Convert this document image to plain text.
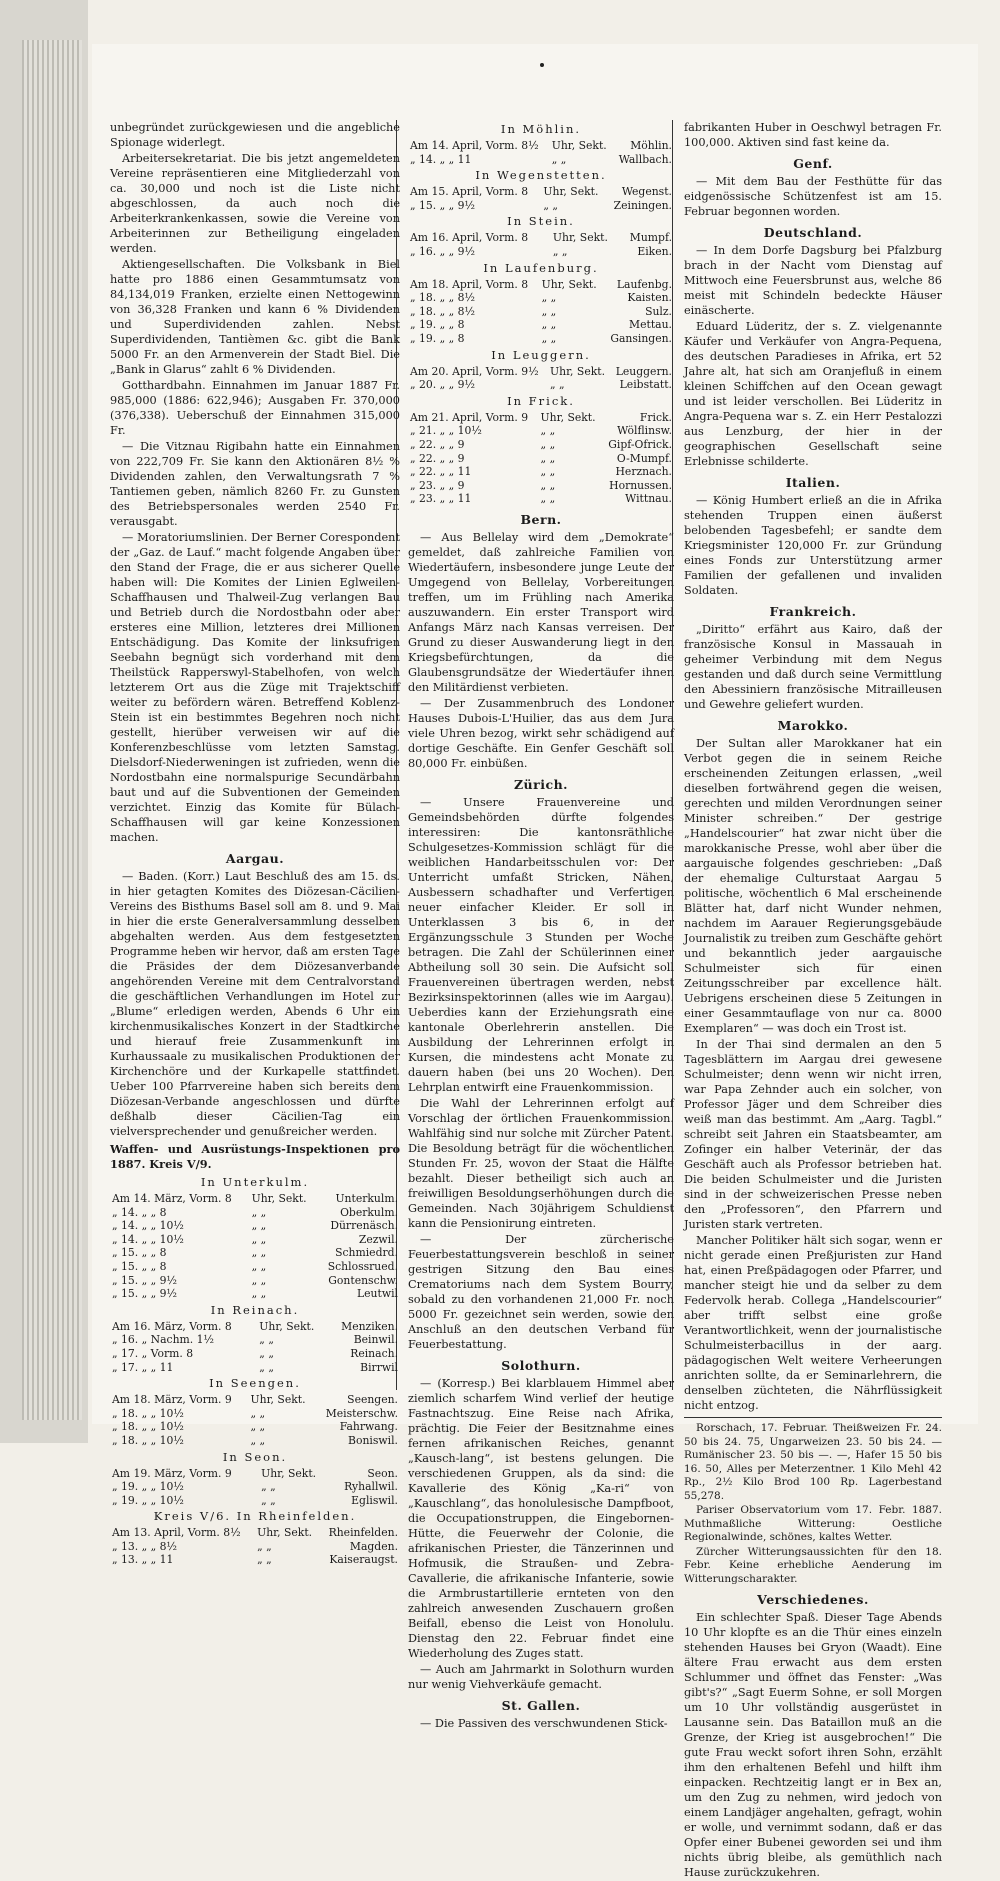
unbegründet zurückgewiesen und die angebliche Spionage widerlegt.

Arbeitersekretariat. Die bis jetzt angemeldeten Vereine repräsentieren eine Mitgliederzahl von ca. 30,000 und noch ist die Liste nicht abgeschlossen, da auch noch die Arbeiterkrankenkassen, sowie die Vereine von Arbeiterinnen zur Betheiligung eingeladen werden.

Aktiengesellschaften. Die Volksbank in Biel hatte pro 1886 einen Gesammtumsatz von 84,134,019 Franken, erzielte einen Nettogewinn von 36,328 Franken und kann 6 % Dividenden und Superdividenden zahlen. Nebst Superdividenden, Tantièmen &c. gibt die Bank 5000 Fr. an den Armenverein der Stadt Biel. Die „Bank in Glarus“ zahlt 6 % Dividenden.

Gotthardbahn. Einnahmen im Januar 1887 Fr. 985,000 (1886: 622,946); Ausgaben Fr. 370,000 (376,338). Ueberschuß der Einnahmen 315,000 Fr.

— Die Vitznau Rigibahn hatte ein Einnahmen von 222,709 Fr. Sie kann den Aktionären 8½ % Dividenden zahlen, den Verwaltungsrath 7 % Tantiemen geben, nämlich 8260 Fr. zu Gunsten des Betriebspersonales werden 2540 Fr. verausgabt.

— Moratoriumslinien. Der Berner Corespondent der „Gaz. de Lauf.“ macht folgende Angaben über den Stand der Frage, die er aus sicherer Quelle haben will: Die Komites der Linien Eglweilen-Schaffhausen und Thalweil-Zug verlangen Bau und Betrieb durch die Nordostbahn oder aber ersteres eine Million, letzteres drei Millionen Entschädigung. Das Komite der linksufrigen Seebahn begnügt sich vorderhand mit dem Theilstück Rapperswyl-Stabelhofen, von welch letzterem Ort aus die Züge mit Trajektschiff weiter zu befördern wären. Betreffend Koblenz-Stein ist ein bestimmtes Begehren noch nicht gestellt, hierüber verweisen wir auf die Konferenzbeschlüsse vom letzten Samstag. Dielsdorf-Niederweningen ist zufrieden, wenn die Nordostbahn eine normalspurige Secundärbahn baut und auf die Subventionen der Gemeinden verzichtet. Einzig das Komite für Bülach-Schaffhausen will gar keine Konzessionen machen.

Aargau.

— Baden. (Korr.) Laut Beschluß des am 15. ds. in hier getagten Komites des Diözesan-Cäcilien-Vereins des Bisthums Basel soll am 8. und 9. Mai in hier die erste Generalversammlung desselben abgehalten werden. Aus dem festgesetzten Programme heben wir hervor, daß am ersten Tage die Präsides der dem Diözesanverbande angehörenden Vereine mit dem Centralvorstand die geschäftlichen Verhandlungen im Hotel zur „Blume“ erledigen werden, Abends 6 Uhr ein kirchenmusikalisches Konzert in der Stadtkirche und hierauf freie Zusammenkunft im Kurhaussaale zu musikalischen Produktionen der Kirchenchöre und der Kurkapelle stattfindet. Ueber 100 Pfarrvereine haben sich bereits dem Diözesan-Verbande angeschlossen und dürfte deßhalb dieser Cäcilien-Tag ein vielversprechender und genußreicher werden.

Waffen- und Ausrüstungs-Inspektionen pro 1887. Kreis V/9.
In Unterkulm.
Am 14. März, Vorm. 8	Uhr, Sekt.	Unterkulm.
„ 14. „ „ 8	„ „	Oberkulm.
„ 14. „ „ 10½	„ „	Dürrenäsch.
„ 14. „ „ 10½	„ „	Zezwil.
„ 15. „ „ 8	„ „	Schmiedrd.
„ 15. „ „ 8	„ „	Schlossrued.
„ 15. „ „ 9½	„ „	Gontenschw.
„ 15. „ „ 9½	„ „	Leutwil
In Reinach.
Am 16. März, Vorm. 8	Uhr, Sekt.	Menziken.
„ 16. „ Nachm. 1½	„ „	Beinwil.
„ 17. „ Vorm. 8	„ „	Reinach.
„ 17. „ „ 11	„ „	Birrwil
In Seengen.
Am 18. März, Vorm. 9	Uhr, Sekt.	Seengen.
„ 18. „ „ 10½	„ „	Meisterschw.
„ 18. „ „ 10½	„ „	Fahrwang.
„ 18. „ „ 10½	„ „	Boniswil.
In Seon.
Am 19. März, Vorm. 9	Uhr, Sekt.	Seon.
„ 19. „ „ 10½	„ „	Ryhallwil.
„ 19. „ „ 10½	„ „	Egliswil.
Kreis V/6. In Rheinfelden.
Am 13. April, Vorm. 8½	Uhr, Sekt.	Rheinfelden.
„ 13. „ „ 8½	„ „	Magden.
„ 13. „ „ 11	„ „	Kaiseraugst.
In Möhlin.
Am 14. April, Vorm. 8½	Uhr, Sekt.	Möhlin.
„ 14. „ „ 11	„ „	Wallbach.
In Wegenstetten.
Am 15. April, Vorm. 8	Uhr, Sekt.	Wegenst.
„ 15. „ „ 9½	„ „	Zeiningen.
In Stein.
Am 16. April, Vorm. 8	Uhr, Sekt.	Mumpf.
„ 16. „ „ 9½	„ „	Eiken.
In Laufenburg.
Am 18. April, Vorm. 8	Uhr, Sekt.	Laufenbg.
„ 18. „ „ 8½	„ „	Kaisten.
„ 18. „ „ 8½	„ „	Sulz.
„ 19. „ „ 8	„ „	Mettau.
„ 19. „ „ 8	„ „	Gansingen.
In Leuggern.
Am 20. April, Vorm. 9½	Uhr, Sekt.	Leuggern.
„ 20. „ „ 9½	„ „	Leibstatt.
In Frick.
Am 21. April, Vorm. 9	Uhr, Sekt.	Frick.
„ 21. „ „ 10½	„ „	Wölflinsw.
„ 22. „ „ 9	„ „	Gipf-Ofrick.
„ 22. „ „ 9	„ „	O-Mumpf.
„ 22. „ „ 11	„ „	Herznach.
„ 23. „ „ 9	„ „	Hornussen.
„ 23. „ „ 11	„ „	Wittnau.
Bern.

— Aus Bellelay wird dem „Demokrate“ gemeldet, daß zahlreiche Familien von Wiedertäufern, insbesondere junge Leute der Umgegend von Bellelay, Vorbereitungen treffen, um im Frühling nach Amerika auszuwandern. Ein erster Transport wird Anfangs März nach Kansas verreisen. Der Grund zu dieser Auswanderung liegt in den Kriegsbefürchtungen, da die Glaubensgrundsätze der Wiedertäufer ihnen den Militärdienst verbieten.

— Der Zusammenbruch des Londoner Hauses Dubois-L'Huilier, das aus dem Jura viele Uhren bezog, wirkt sehr schädigend auf dortige Geschäfte. Ein Genfer Geschäft soll 80,000 Fr. einbüßen.

Zürich.

— Unsere Frauenvereine und Gemeindsbehörden dürfte folgendes interessiren: Die kantonsräthliche Schulgesetzes-Kommission schlägt für die weiblichen Handarbeitsschulen vor: Der Unterricht umfaßt Stricken, Nähen, Ausbessern schadhafter und Verfertigen neuer einfacher Kleider. Er soll in Unterklassen 3 bis 6, in der Ergänzungsschule 3 Stunden per Woche betragen. Die Zahl der Schülerinnen einer Abtheilung soll 30 sein. Die Aufsicht soll Frauenvereinen übertragen werden, nebst Bezirksinspektorinnen (alles wie im Aargau). Ueberdies kann der Erziehungsrath eine kantonale Oberlehrerin anstellen. Die Ausbildung der Lehrerinnen erfolgt in Kursen, die mindestens acht Monate zu dauern haben (bei uns 20 Wochen). Den Lehrplan entwirft eine Frauenkommission.

Die Wahl der Lehrerinnen erfolgt auf Vorschlag der örtlichen Frauenkommission. Wahlfähig sind nur solche mit Zürcher Patent. Die Besoldung beträgt für die wöchentlichen Stunden Fr. 25, wovon der Staat die Hälfte bezahlt. Dieser betheiligt sich auch an freiwilligen Besoldungserhöhungen durch die Gemeinden. Nach 30jährigem Schuldienst kann die Pensionirung eintreten.

— Der zürcherische Feuerbestattungsverein beschloß in seiner gestrigen Sitzung den Bau eines Crematoriums nach dem System Bourry, sobald zu den vorhandenen 21,000 Fr. noch 5000 Fr. gezeichnet sein werden, sowie den Anschluß an den deutschen Verband für Feuerbestattung.

Solothurn.

— (Korresp.) Bei klarblauem Himmel aber ziemlich scharfem Wind verlief der heutige Fastnachtszug. Eine Reise nach Afrika, prächtig. Die Feier der Besitznahme eines fernen afrikanischen Reiches, genannt „Kausch-lang“, ist bestens gelungen. Die verschiedenen Gruppen, als da sind: die Kavallerie des König „Ka-ri“ von „Kauschlang“, das honolulesische Dampfboot, die Occupationstruppen, die Eingebornen-Hütte, die Feuerwehr der Colonie, die afrikanischen Priester, die Tänzerinnen und Hofmusik, die Straußen- und Zebra-Cavallerie, die afrikanische Infanterie, sowie die Armbrustartillerie ernteten von den zahlreich anwesenden Zuschauern großen Beifall, ebenso die Leist von Honolulu. Dienstag den 22. Februar findet eine Wiederholung des Zuges statt.

— Auch am Jahrmarkt in Solothurn wurden nur wenig Viehverkäufe gemacht.

St. Gallen.

— Die Passiven des verschwundenen Stick-

fabrikanten Huber in Oeschwyl betragen Fr. 100,000. Aktiven sind fast keine da.

Genf.

— Mit dem Bau der Festhütte für das eidgenössische Schützenfest ist am 15. Februar begonnen worden.

Deutschland.

— In dem Dorfe Dagsburg bei Pfalzburg brach in der Nacht vom Dienstag auf Mittwoch eine Feuersbrunst aus, welche 86 meist mit Schindeln bedeckte Häuser einäscherte.

Eduard Lüderitz, der s. Z. vielgenannte Käufer und Verkäufer von Angra-Pequena, des deutschen Paradieses in Afrika, ert 52 Jahre alt, hat sich am Oranjefluß in einem kleinen Schiffchen auf den Ocean gewagt und ist leider verschollen. Bei Lüderitz in Angra-Pequena war s. Z. ein Herr Pestalozzi aus Lenzburg, der hier in der geographischen Gesellschaft seine Erlebnisse schilderte.

Italien.

— König Humbert erließ an die in Afrika stehenden Truppen einen äußerst belobenden Tagesbefehl; er sandte dem Kriegsminister 120,000 Fr. zur Gründung eines Fonds zur Unterstützung armer Familien der gefallenen und invaliden Soldaten.

Frankreich.

„Diritto“ erfährt aus Kairo, daß der französische Konsul in Massauah in geheimer Verbindung mit dem Negus gestanden und daß durch seine Vermittlung den Abessiniern französische Mitrailleusen und Gewehre geliefert wurden.

Marokko.

Der Sultan aller Marokkaner hat ein Verbot gegen die in seinem Reiche erscheinenden Zeitungen erlassen, „weil dieselben fortwährend gegen die weisen, gerechten und milden Verordnungen seiner Minister schreiben.“ Der gestrige „Handelscourier“ hat zwar nicht über die marokkanische Presse, wohl aber über die aargauische folgendes geschrieben: „Daß der ehemalige Culturstaat Aargau 5 politische, wöchentlich 6 Mal erscheinende Blätter hat, darf nicht Wunder nehmen, nachdem im Aarauer Regierungsgebäude Journalistik zu treiben zum Geschäfte gehört und bekanntlich jeder aargauische Schulmeister sich für einen Zeitungsschreiber par excellence hält. Uebrigens erscheinen diese 5 Zeitungen in einer Gesammtauflage von nur ca. 8000 Exemplaren“ — was doch ein Trost ist.

In der Thai sind dermalen an den 5 Tagesblättern im Aargau drei gewesene Schulmeister; denn wenn wir nicht irren, war Papa Zehnder auch ein solcher, von Professor Jäger und dem Schreiber dies weiß man das bestimmt. Am „Aarg. Tagbl.“ schreibt seit Jahren ein Staatsbeamter, am Zofinger ein halber Veterinär, der das Geschäft auch als Professor betrieben hat. Die beiden Schulmeister und die Juristen sind in der schweizerischen Presse neben den „Professoren“, den Pfarrern und Juristen stark vertreten.

Mancher Politiker hält sich sogar, wenn er nicht gerade einen Preßjuristen zur Hand hat, einen Preßpädagogen oder Pfarrer, und mancher steigt hie und da selber zu dem Federvolk herab. Collega „Handelscourier“ aber trifft selbst eine große Verantwortlichkeit, wenn der journalistische Schulmeisterbacillus in der aarg. pädagogischen Welt weitere Verheerungen anrichten sollte, da er Seminarlehrern, die denselben züchteten, die Nährflüssigkeit nicht entzog.

Rorschach, 17. Februar. Theißweizen Fr. 24. 50 bis 24. 75, Ungarweizen 23. 50 bis 24. — Rumänischer 23. 50 bis —. —, Hafer 15 50 bis 16. 50, Alles per Meterzentner. 1 Kilo Mehl 42 Rp., 2½ Kilo Brod 100 Rp. Lagerbestand 55,278.

Pariser Observatorium vom 17. Febr. 1887. Muthmaßliche Witterung: Oestliche Regionalwinde, schönes, kaltes Wetter.

Zürcher Witterungsaussichten für den 18. Febr. Keine erhebliche Aenderung im Witterungscharakter.

Verschiedenes.

Ein schlechter Spaß. Dieser Tage Abends 10 Uhr klopfte es an die Thür eines einzeln stehenden Hauses bei Gryon (Waadt). Eine ältere Frau erwacht aus dem ersten Schlummer und öffnet das Fenster: „Was gibt's?“ „Sagt Euerm Sohne, er soll Morgen um 10 Uhr vollständig ausgerüstet in Lausanne sein. Das Bataillon muß an die Grenze, der Krieg ist ausgebrochen!“ Die gute Frau weckt sofort ihren Sohn, erzählt ihm den erhaltenen Befehl und hilft ihm einpacken. Rechtzeitig langt er in Bex an, um den Zug zu nehmen, wird jedoch von einem Landjäger angehalten, gefragt, wohin er wolle, und vernimmt sodann, daß er das Opfer einer Bubenei geworden sei und ihm nichts übrig bleibe, als gemüthlich nach Hause zurückzukehren.
